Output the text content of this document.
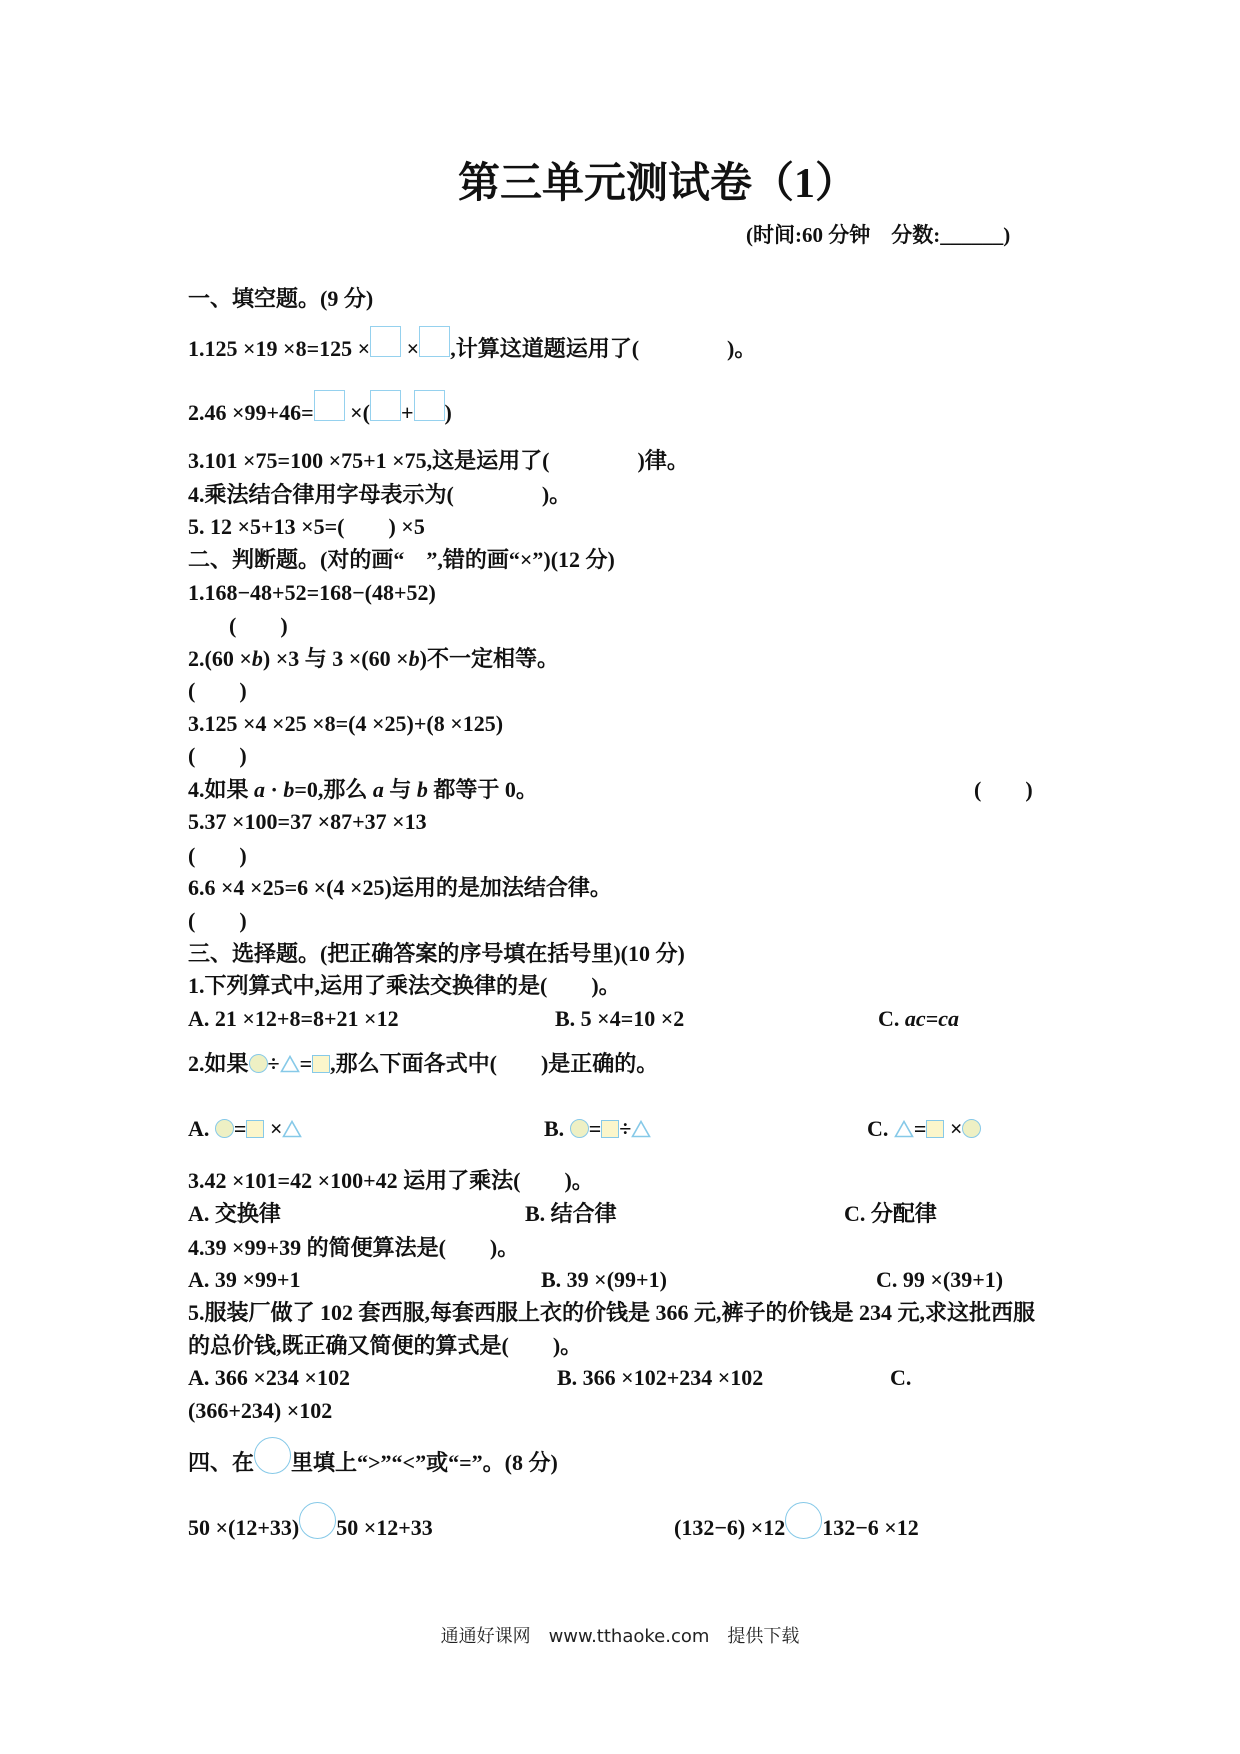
第三单元测试卷（1）
(时间:60 分钟　分数:______)
一、填空题。(9 分)
1.125 ×19 ×8=125 × × ,计算这道题运用了(　　　　)。
2.46 ×99+46= ×( + )
3.101 ×75=100 ×75+1 ×75,这是运用了(　　　　)律。
4.乘法结合律用字母表示为(　　　　)。
5. 12 ×5+13 ×5=(　　) ×5
二、判断题。(对的画“　”,错的画“×”)(12 分)
1.168−48+52=168−(48+52)
(　　)
2.(60 ×b) ×3 与 3 ×(60 ×b)不一定相等。
(　　)
3.125 ×4 ×25 ×8=(4 ×25)+(8 ×125)
(　　)
4.如果 a · b=0,那么 a 与 b 都等于 0。	(　　)
5.37 ×100=37 ×87+37 ×13
(　　)
6.6 ×4 ×25=6 ×(4 ×25)运用的是加法结合律。
(　　)
三、选择题。(把正确答案的序号填在括号里)(10 分)
1.下列算式中,运用了乘法交换律的是(　　)。
A. 21 ×12+8=8+21 ×12	B. 5 ×4=10 ×2	C. ac=ca
2.如果 ÷ = ,那么下面各式中(　　)是正确的。
A. = ×	B. = ÷	C. = ×
3.42 ×101=42 ×100+42 运用了乘法(　　)。
A. 交换律	B. 结合律	C. 分配律
4.39 ×99+39 的简便算法是(　　)。
A. 39 ×99+1	B. 39 ×(99+1)	C. 99 ×(39+1)
5.服装厂做了 102 套西服,每套西服上衣的价钱是 366 元,裤子的价钱是 234 元,求这批西服
的总价钱,既正确又简便的算式是(　　)。
A. 366 ×234 ×102	B. 366 ×102+234 ×102	C.
(366+234) ×102
四、在 里填上“>”“<”或“=”。(8 分)
50 ×(12+33) 50 ×12+33	(132−6) ×12 132−6 ×12
通通好课网　www.tthaoke.com　提供下载
